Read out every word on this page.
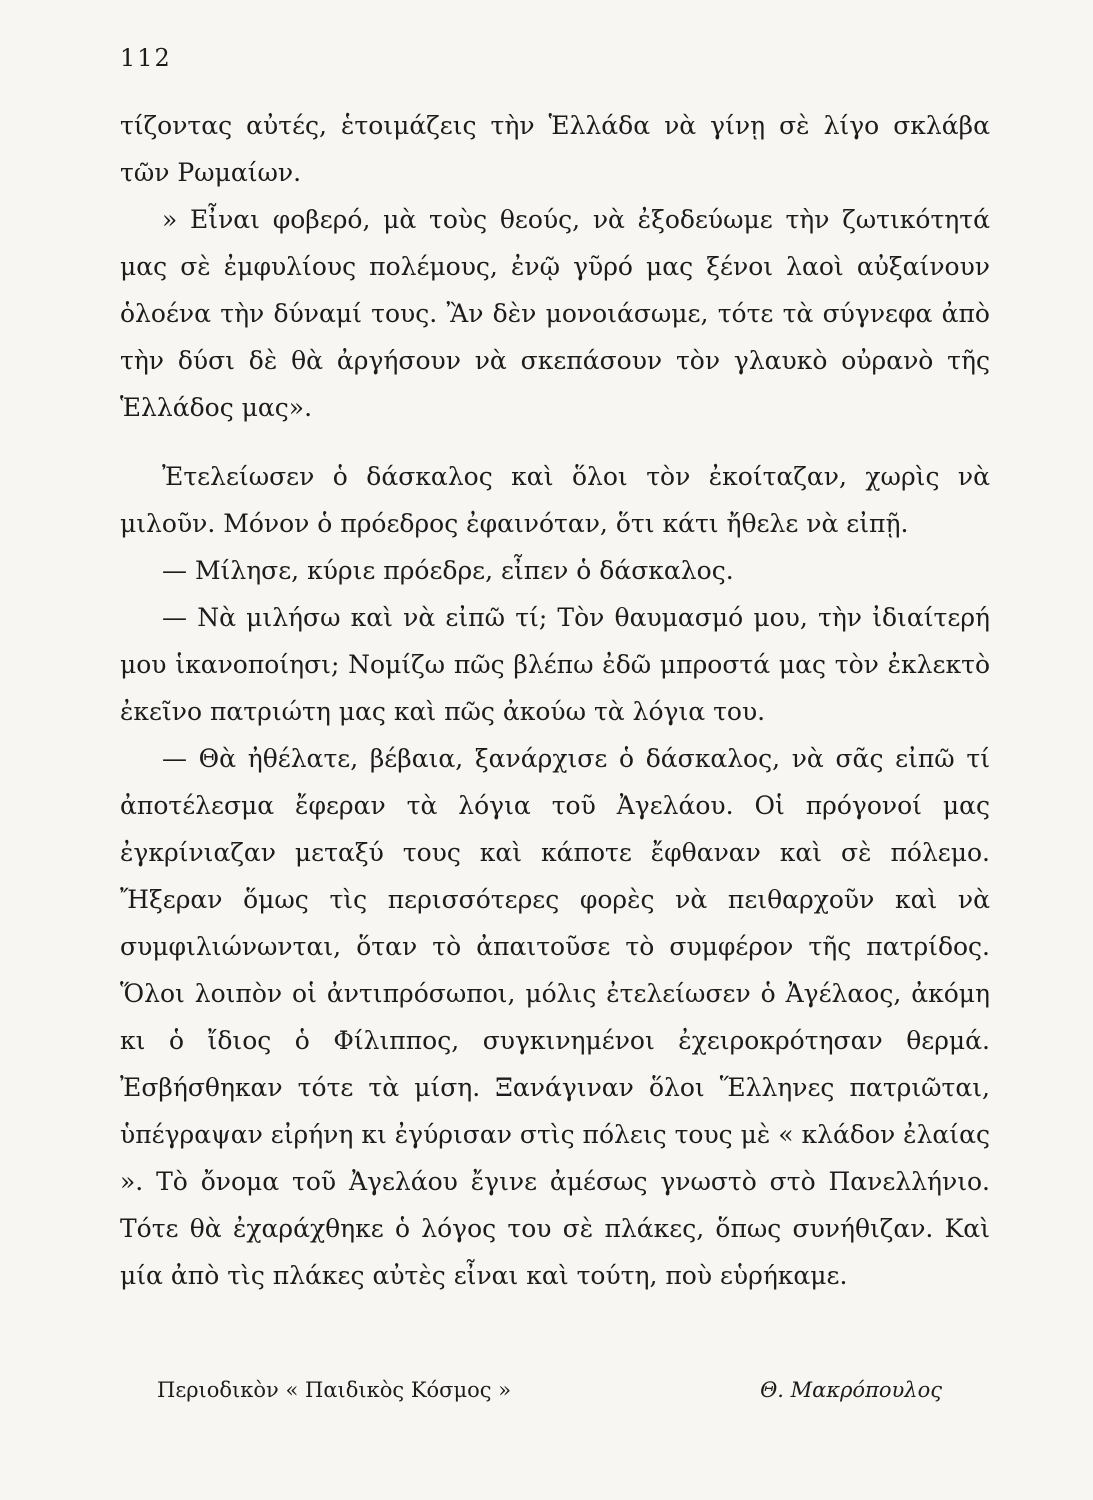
112

τίζοντας αὐτές, ἑτοιμάζεις τὴν Ἑλλάδα νὰ γίνῃ σὲ λίγο σκλάβα τῶν Ρωμαίων.

» Εἶναι φοβερό, μὰ τοὺς θεούς, νὰ ἐξοδεύωμε τὴν ζωτικότητά μας σὲ ἐμφυλίους πολέμους, ἐνῷ γῦρό μας ξένοι λαοὶ αὐξαίνουν ὁλοένα τὴν δύναμί τους. Ἂν δὲν μονοιάσωμε, τότε τὰ σύγνεφα ἀπὸ τὴν δύσι δὲ θὰ ἀργήσουν νὰ σκεπάσουν τὸν γλαυκὸ οὐρανὸ τῆς Ἑλλάδος μας».

Ἐτελείωσεν ὁ δάσκαλος καὶ ὅλοι τὸν ἐκοίταζαν, χωρὶς νὰ μιλοῦν. Μόνον ὁ πρόεδρος ἐφαινόταν, ὅτι κάτι ἤθελε νὰ εἰπῇ.

— Μίλησε, κύριε πρόεδρε, εἶπεν ὁ δάσκαλος.

— Νὰ μιλήσω καὶ νὰ εἰπῶ τί; Τὸν θαυμασμό μου, τὴν ἰδιαίτερή μου ἱκανοποίησι; Νομίζω πῶς βλέπω ἐδῶ μπροστά μας τὸν ἐκλεκτὸ ἐκεῖνο πατριώτη μας καὶ πῶς ἀκούω τὰ λόγια του.

— Θὰ ἠθέλατε, βέβαια, ξανάρχισε ὁ δάσκαλος, νὰ σᾶς εἰπῶ τί ἀποτέλεσμα ἔφεραν τὰ λόγια τοῦ Ἀγελάου. Οἱ πρόγονοί μας ἐγκρίνιαζαν μεταξύ τους καὶ κάποτε ἔφθαναν καὶ σὲ πόλεμο. Ἤξεραν ὅμως τὶς περισσότερες φορὲς νὰ πειθαρχοῦν καὶ νὰ συμφιλιώνωνται, ὅταν τὸ ἀπαιτοῦσε τὸ συμφέρον τῆς πατρίδος. Ὅλοι λοιπὸν οἱ ἀντιπρόσωποι, μόλις ἐτελείωσεν ὁ Ἀγέλαος, ἀκόμη κι ὁ ἴδιος ὁ Φίλιππος, συγκινημένοι ἐχειροκρότησαν θερμά. Ἐσβήσθηκαν τότε τὰ μίση. Ξανάγιναν ὅλοι Ἕλληνες πατριῶται, ὑπέγραψαν εἰρήνη κι ἐγύρισαν στὶς πόλεις τους μὲ « κλάδον ἐλαίας ». Τὸ ὄνομα τοῦ Ἀγελάου ἔγινε ἀμέσως γνωστὸ στὸ Πανελλήνιο. Τότε θὰ ἐχαράχθηκε ὁ λόγος του σὲ πλάκες, ὅπως συνήθιζαν. Καὶ μία ἀπὸ τὶς πλάκες αὐτὲς εἶναι καὶ τούτη, ποὺ εὑρήκαμε.

Περιοδικὸν « Παιδικὸς Κόσμος »	Θ. Μακρόπουλος
